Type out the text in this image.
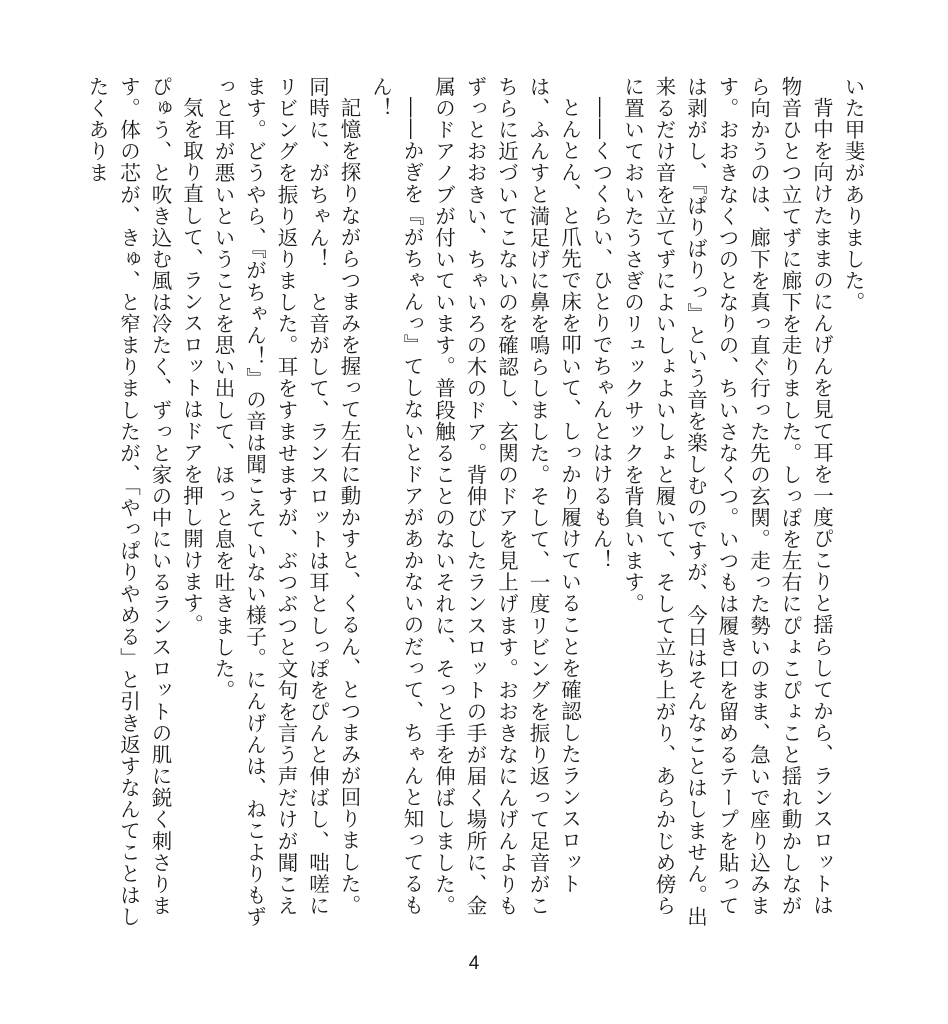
いた甲斐がありました。

背中を向けたままのにんげんを見て耳を一度ぴこりと揺らしてから、ランスロットは物音ひとつ立てずに廊下を走りました。しっぽを左右にぴょこぴょこと揺れ動かしながら向かうのは、廊下を真っ直ぐ行った先の玄関。走った勢いのまま、急いで座り込みます。おおきなくつのとなりの、ちいさなくつ。いつもは履き口を留めるテープを貼っては剥がし、『ぱりばりっ』という音を楽しむのですが、今日はそんなことはしません。出来るだけ音を立てずによいしょよいしょと履いて、そして立ち上がり、あらかじめ傍らに置いておいたうさぎのリュックサックを背負います。

――くつくらい、ひとりでちゃんとはけるもん！

とんとん、と爪先で床を叩いて、しっかり履けていることを確認したランスロットは、ふんすと満足げに鼻を鳴らしました。そして、一度リビングを振り返って足音がこちらに近づいてこないのを確認し、玄関のドアを見上げます。おおきなにんげんよりもずっとおおきい、ちゃいろの木のドア。背伸びしたランスロットの手が届く場所に、金属のドアノブが付いています。普段触ることのないそれに、そっと手を伸ばしました。

――かぎを『がちゃんっ』てしないとドアがあかないのだって、ちゃんと知ってるもん！

記憶を探りながらつまみを握って左右に動かすと、くるん、とつまみが回りました。同時に、がちゃん！　と音がして、ランスロットは耳としっぽをぴんと伸ばし、咄嗟にリビングを振り返りました。耳をすませますが、ぶつぶつと文句を言う声だけが聞こえます。どうやら、『がちゃん！』の音は聞こえていない様子。にんげんは、ねこよりもずっと耳が悪いということを思い出して、ほっと息を吐きました。

気を取り直して、ランスロットはドアを押し開けます。

ぴゅう、と吹き込む風は冷たく、ずっと家の中にいるランスロットの肌に鋭く刺さります。体の芯が、きゅ、と窄まりましたが、「やっぱりやめる」と引き返すなんてことはしたくありま

4
